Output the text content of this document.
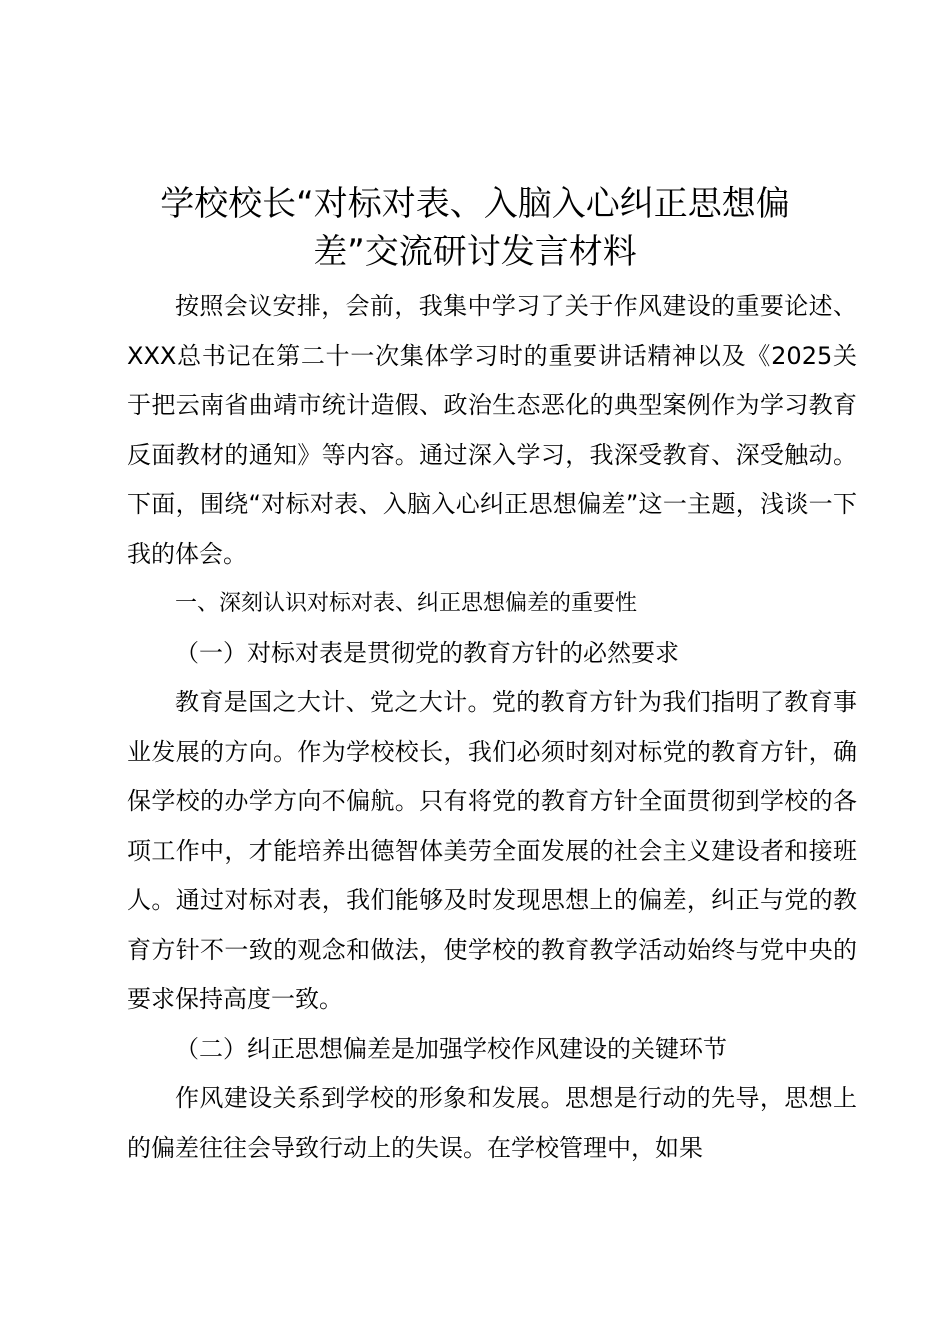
学校校长“对标对表、入脑入心纠正思想偏
差”交流研讨发言材料

按照会议安排，会前，我集中学习了关于作风建设的重要论述、XXX总书记在第二十一次集体学习时的重要讲话精神以及《2025关于把云南省曲靖市统计造假、政治生态恶化的典型案例作为学习教育反面教材的通知》等内容。通过深入学习，我深受教育、深受触动。下面，围绕“对标对表、入脑入心纠正思想偏差”这一主题，浅谈一下我的体会。

一、深刻认识对标对表、纠正思想偏差的重要性

（一）对标对表是贯彻党的教育方针的必然要求

教育是国之大计、党之大计。党的教育方针为我们指明了教育事业发展的方向。作为学校校长，我们必须时刻对标党的教育方针，确保学校的办学方向不偏航。只有将党的教育方针全面贯彻到学校的各项工作中，才能培养出德智体美劳全面发展的社会主义建设者和接班人。通过对标对表，我们能够及时发现思想上的偏差，纠正与党的教育方针不一致的观念和做法，使学校的教育教学活动始终与党中央的要求保持高度一致。

（二）纠正思想偏差是加强学校作风建设的关键环节

作风建设关系到学校的形象和发展。思想是行动的先导，思想上的偏差往往会导致行动上的失误。在学校管理中，如果
